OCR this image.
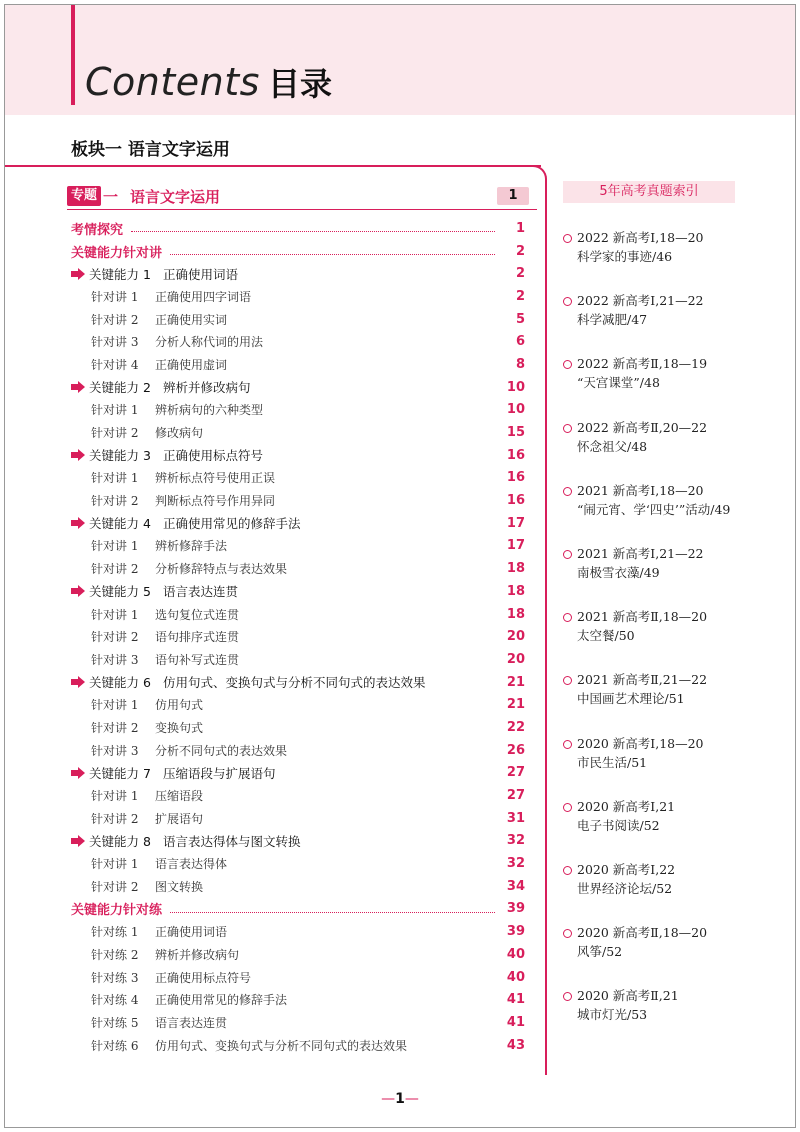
Contents 目录
板块一 语言文字运用
专题 一 语言文字运用	1
考情探究	1
关键能力针对讲	2
关键能力 1 正确使用词语	2
针对讲 1	正确使用四字词语	2
针对讲 2	正确使用实词	5
针对讲 3	分析人称代词的用法	6
针对讲 4	正确使用虚词	8
关键能力 2 辨析并修改病句	10
针对讲 1	辨析病句的六种类型	10
针对讲 2	修改病句	15
关键能力 3 正确使用标点符号	16
针对讲 1	辨析标点符号使用正误	16
针对讲 2	判断标点符号作用异同	16
关键能力 4 正确使用常见的修辞手法	17
针对讲 1	辨析修辞手法	17
针对讲 2	分析修辞特点与表达效果	18
关键能力 5 语言表达连贯	18
针对讲 1	选句复位式连贯	18
针对讲 2	语句排序式连贯	20
针对讲 3	语句补写式连贯	20
关键能力 6 仿用句式、变换句式与分析不同句式的表达效果	21
针对讲 1	仿用句式	21
针对讲 2	变换句式	22
针对讲 3	分析不同句式的表达效果	26
关键能力 7 压缩语段与扩展语句	27
针对讲 1	压缩语段	27
针对讲 2	扩展语句	31
关键能力 8 语言表达得体与图文转换	32
针对讲 1	语言表达得体	32
针对讲 2	图文转换	34
关键能力针对练	39
针对练 1	正确使用词语	39
针对练 2	辨析并修改病句	40
针对练 3	正确使用标点符号	40
针对练 4	正确使用常见的修辞手法	41
针对练 5	语言表达连贯	41
针对练 6	仿用句式、变换句式与分析不同句式的表达效果	43
5年高考真题索引
2022 新高考Ⅰ,18—20
科学家的事迹/46
2022 新高考Ⅰ,21—22
科学减肥/47
2022 新高考Ⅱ,18—19
“天宫课堂”/48
2022 新高考Ⅱ,20—22
怀念祖父/48
2021 新高考Ⅰ,18—20
“闹元宵、学‘四史’”活动/49
2021 新高考Ⅰ,21—22
南极雪衣藻/49
2021 新高考Ⅱ,18—20
太空餐/50
2021 新高考Ⅱ,21—22
中国画艺术理论/51
2020 新高考Ⅰ,18—20
市民生活/51
2020 新高考Ⅰ,21
电子书阅读/52
2020 新高考Ⅰ,22
世界经济论坛/52
2020 新高考Ⅱ,18—20
风筝/52
2020 新高考Ⅱ,21
城市灯光/53
—1—
